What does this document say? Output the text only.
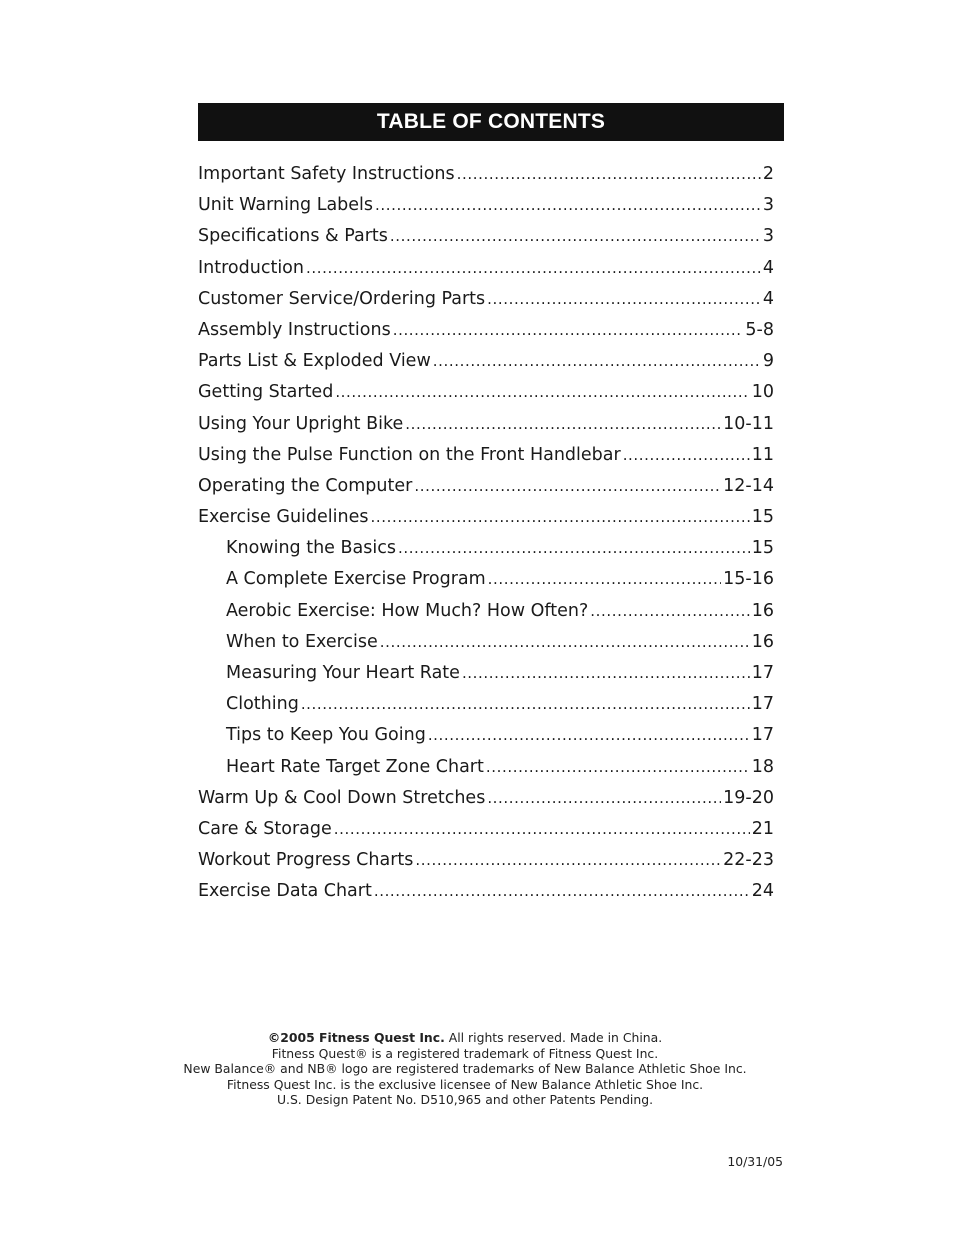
TABLE OF CONTENTS
Important Safety Instructions .....	2
Unit Warning Labels .....	3
Specifications & Parts .....	3
Introduction .....	4
Customer Service/Ordering Parts .....	4
Assembly Instructions .....	5-8
Parts List & Exploded View .....	9
Getting Started .....	10
Using Your Upright Bike .....	10-11
Using the Pulse Function on the Front Handlebar .....	11
Operating the Computer .....	12-14
Exercise Guidelines .....	15
Knowing the Basics .....	15
A Complete Exercise Program .....	15-16
Aerobic Exercise: How Much? How Often? .....	16
When to Exercise .....	16
Measuring Your Heart Rate .....	17
Clothing .....	17
Tips to Keep You Going .....	17
Heart Rate Target Zone Chart .....	18
Warm Up & Cool Down Stretches .....	19-20
Care & Storage .....	21
Workout Progress Charts .....	22-23
Exercise Data Chart .....	24
©2005 Fitness Quest Inc. All rights reserved. Made in China.
Fitness Quest® is a registered trademark of Fitness Quest Inc.
New Balance® and NB® logo are registered trademarks of New Balance Athletic Shoe Inc.
Fitness Quest Inc. is the exclusive licensee of New Balance Athletic Shoe Inc.
U.S. Design Patent No. D510,965 and other Patents Pending.
10/31/05
